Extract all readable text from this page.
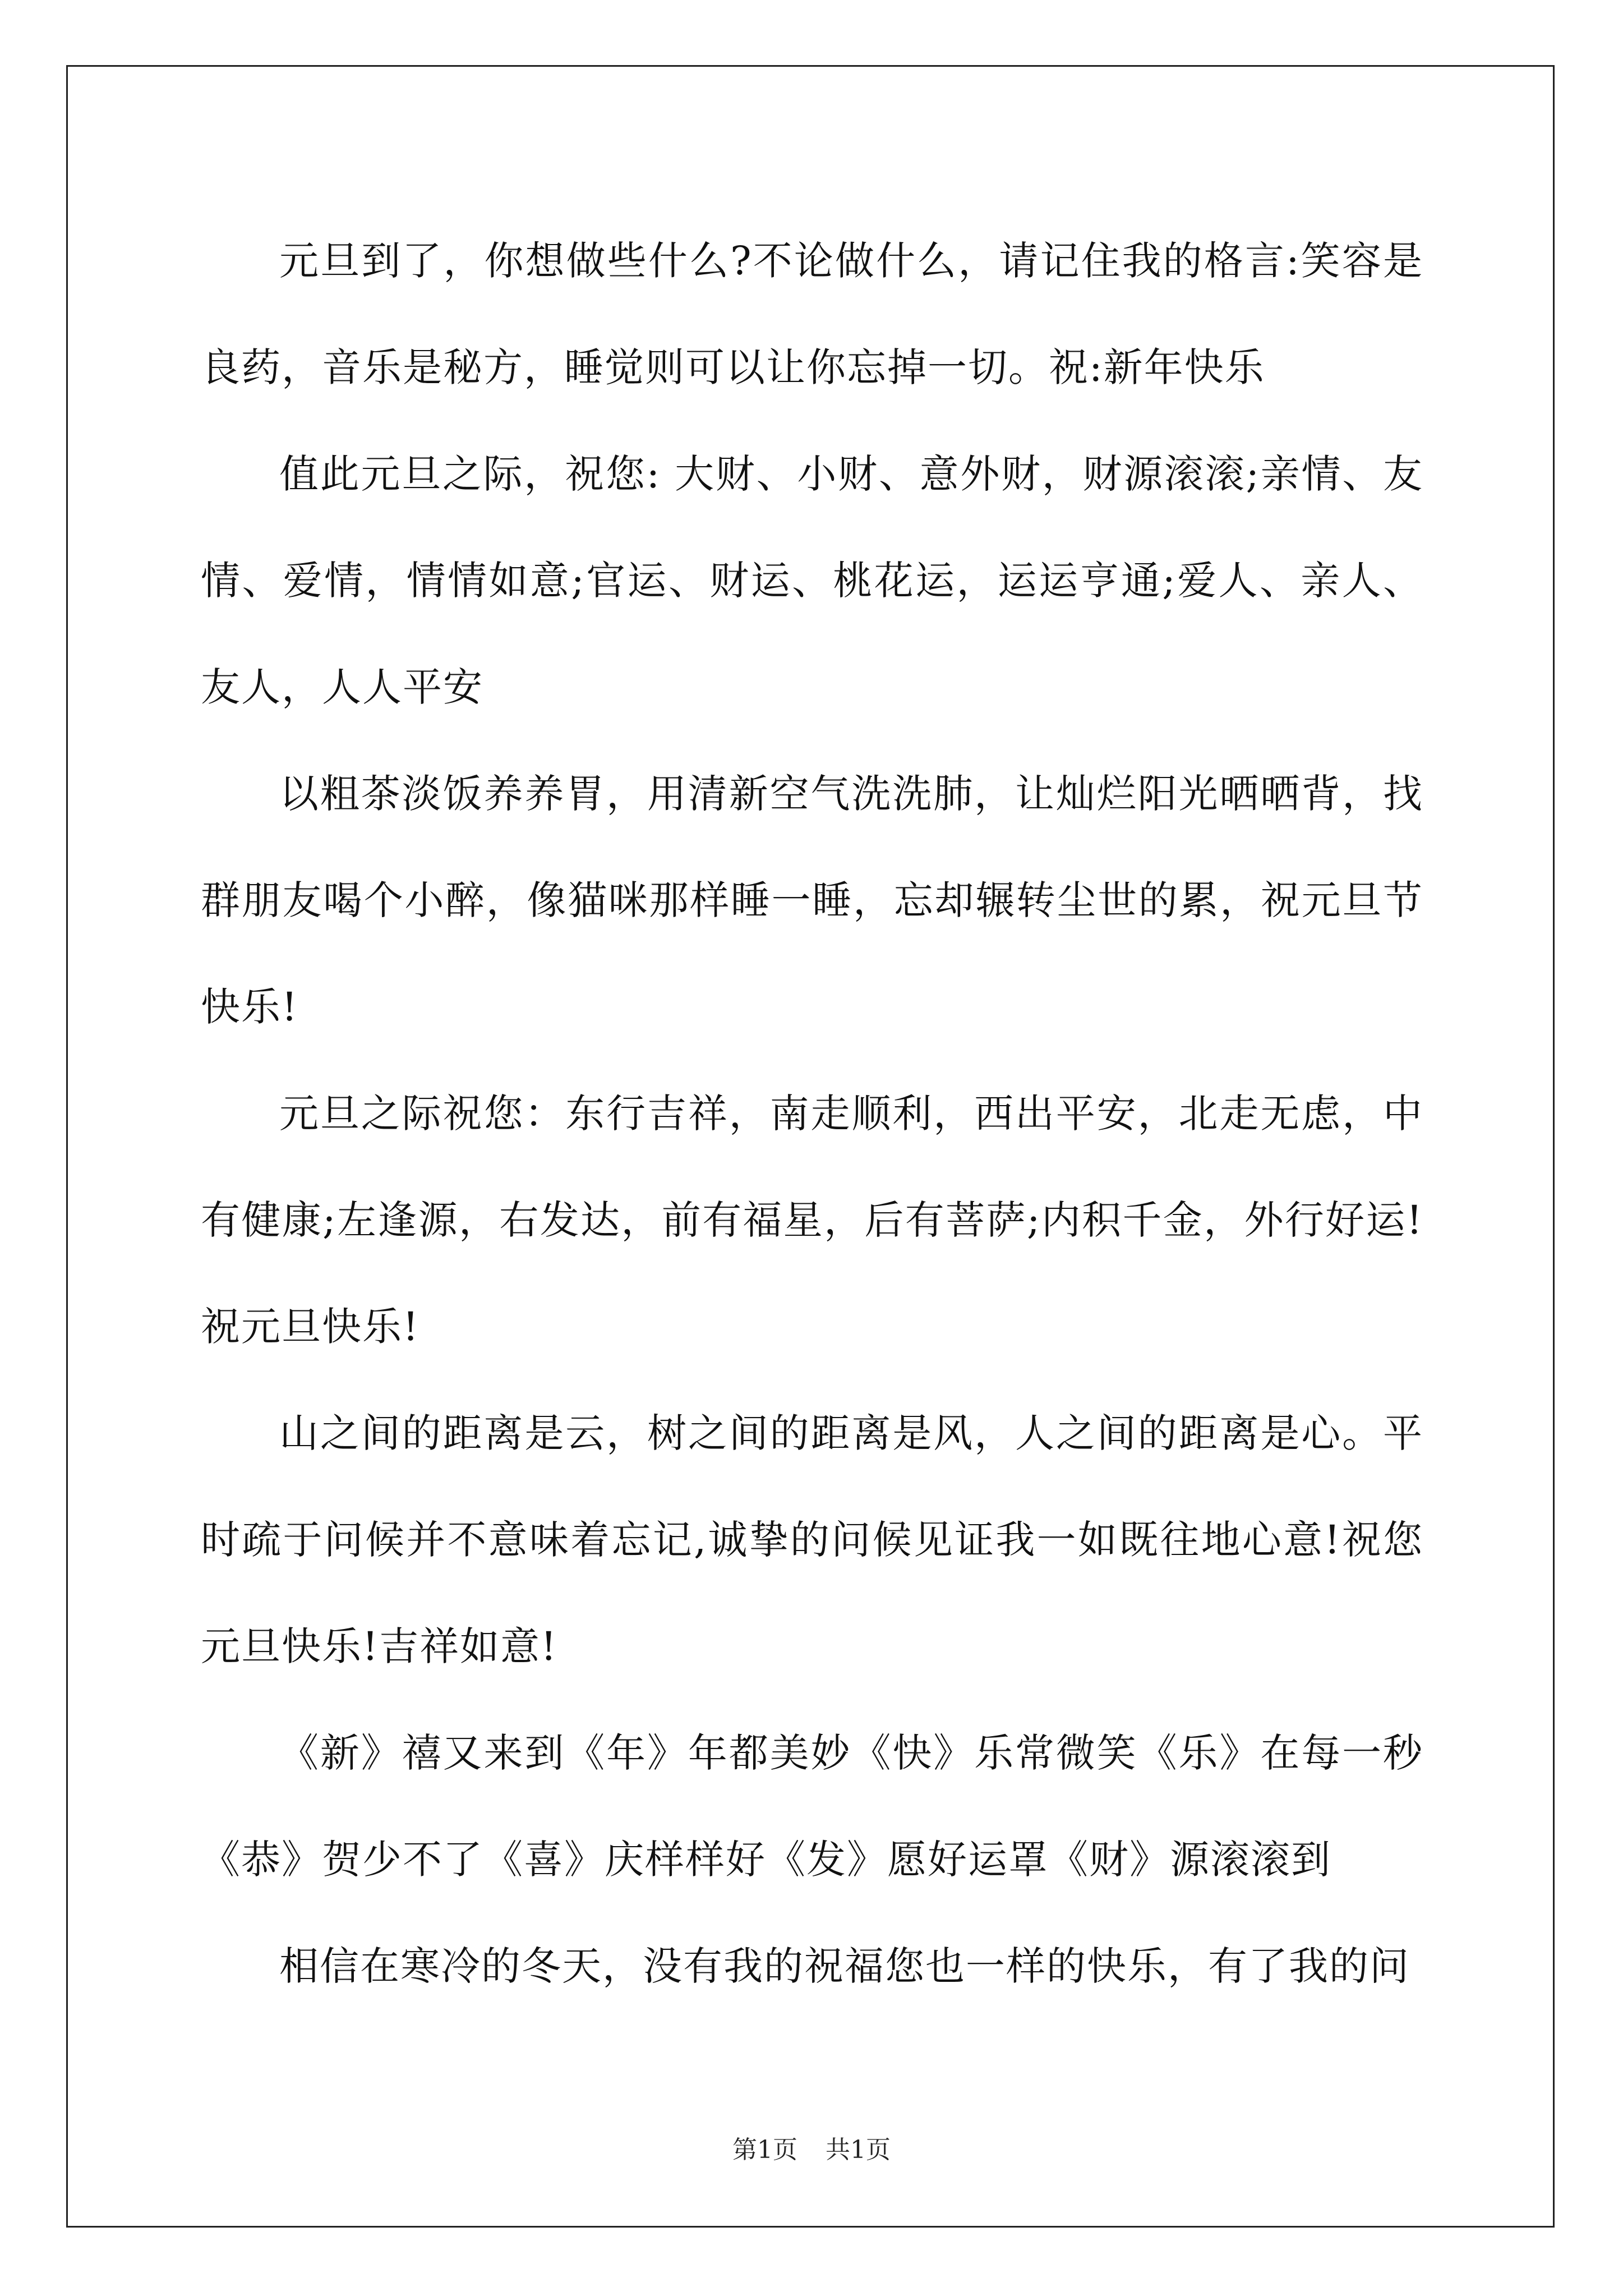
元旦到了，你想做些什么?不论做什么，请记住我的格言:笑容是良药，音乐是秘方，睡觉则可以让你忘掉一切。祝:新年快乐

值此元旦之际，祝您: 大财、小财、意外财，财源滚滚;亲情、友情、爱情，情情如意;官运、财运、桃花运，运运亨通;爱人、亲人、友人，人人平安

以粗茶淡饭养养胃，用清新空气洗洗肺，让灿烂阳光晒晒背，找群朋友喝个小醉，像猫咪那样睡一睡，忘却辗转尘世的累，祝元旦节快乐!

元旦之际祝您：东行吉祥，南走顺利，西出平安，北走无虑，中有健康;左逢源，右发达，前有福星，后有菩萨;内积千金，外行好运!祝元旦快乐!

山之间的距离是云，树之间的距离是风，人之间的距离是心。平时疏于问候并不意味着忘记,诚挚的问候见证我一如既往地心意!祝您元旦快乐!吉祥如意!

《新》禧又来到《年》年都美妙《快》乐常微笑《乐》在每一秒《恭》贺少不了《喜》庆样样好《发》愿好运罩《财》源滚滚到

相信在寒冷的冬天，没有我的祝福您也一样的快乐，有了我的问

第1页 共1页
